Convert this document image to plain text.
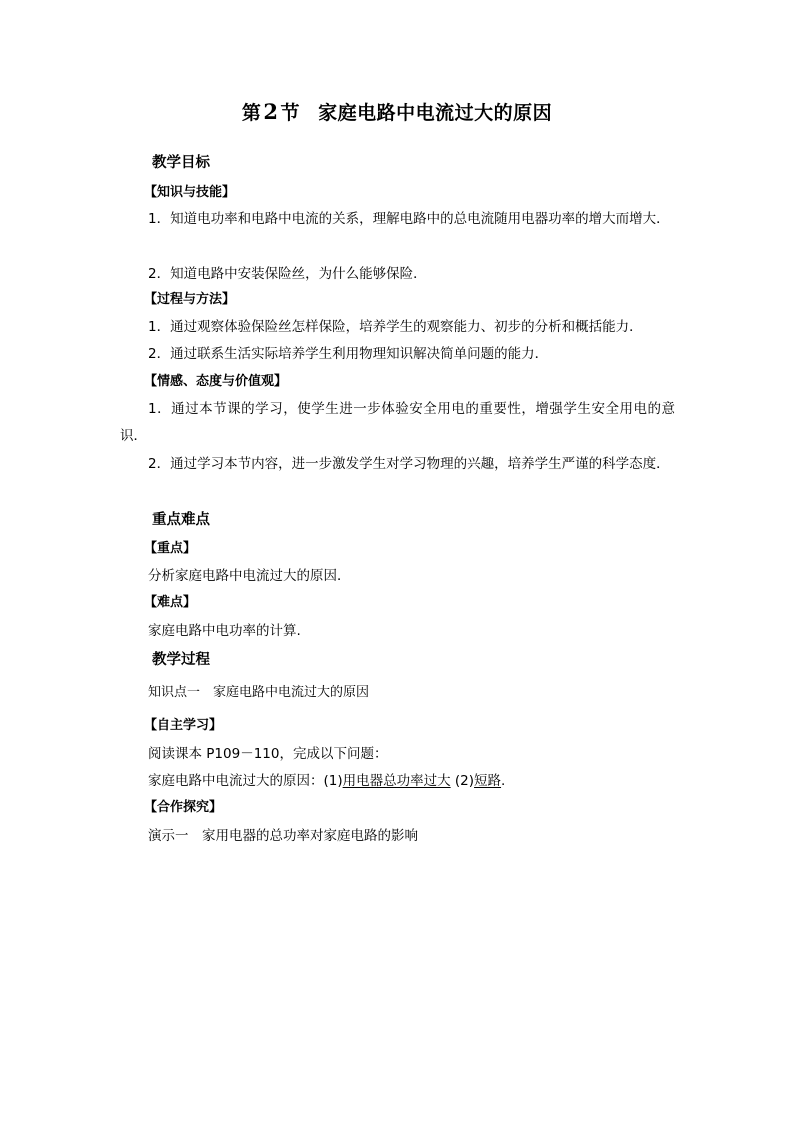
第2 节 家庭电路中电流过大的原因
教学目标
【知识与技能】
1．知道电功率和电路中电流的关系，理解电路中的总电流随用电器功率的增大而增大．
2．知道电路中安装保险丝，为什么能够保险．
【过程与方法】
1．通过观察体验保险丝怎样保险，培养学生的观察能力、初步的分析和概括能力．
2．通过联系生活实际培养学生利用物理知识解决简单问题的能力．
【情感、态度与价值观】
1．通过本节课的学习，使学生进一步体验安全用电的重要性，增强学生安全用电的意识．
2．通过学习本节内容，进一步激发学生对学习物理的兴趣，培养学生严谨的科学态度．
重点难点
【重点】
分析家庭电路中电流过大的原因．
【难点】
家庭电路中电功率的计算.
教学过程
知识点一　家庭电路中电流过大的原因
【自主学习】
阅读课本 P109－110，完成以下问题：
家庭电路中电流过大的原因：(1)用电器总功率过大 (2)短路.
【合作探究】
演示一　家用电器的总功率对家庭电路的影响
